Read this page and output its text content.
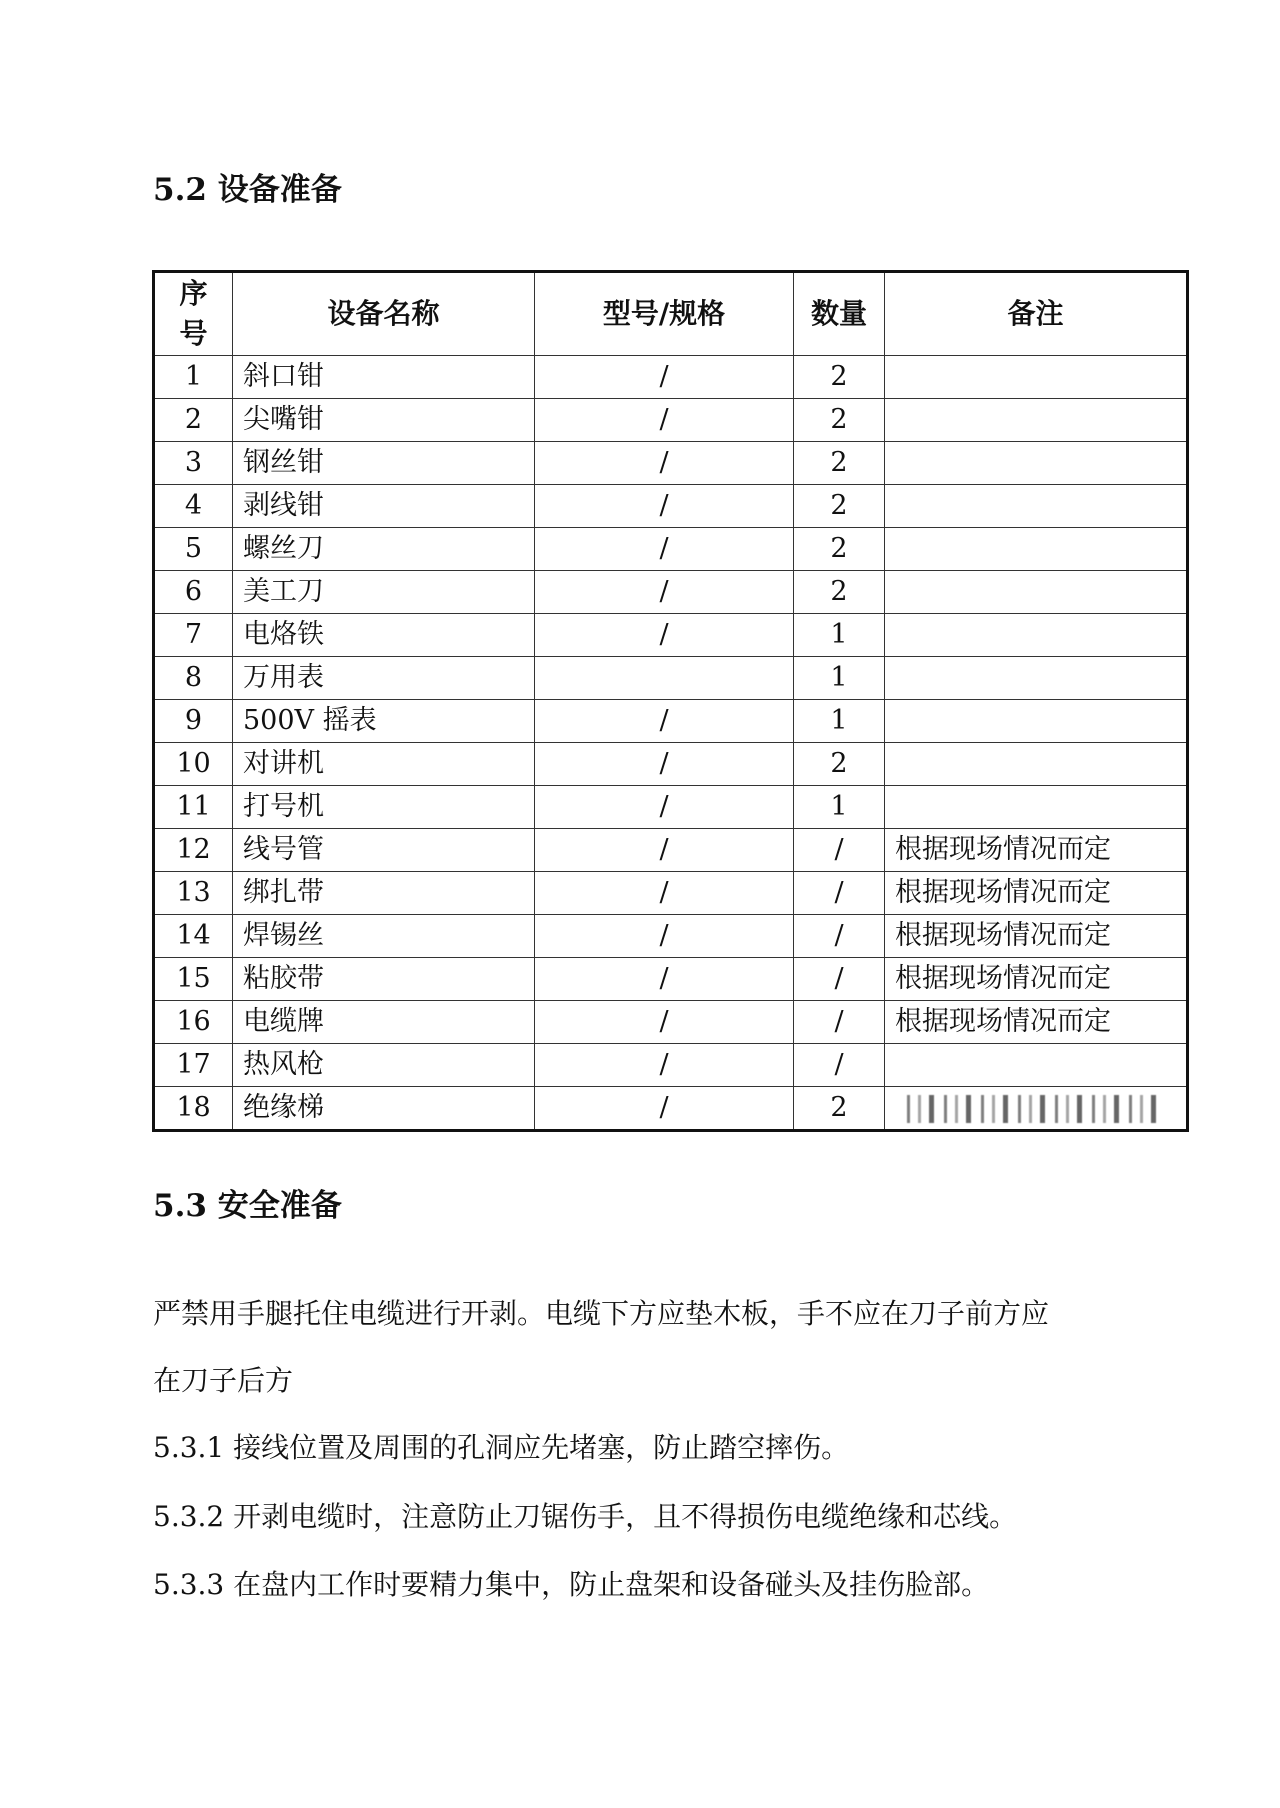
5.2 设备准备
序
号	设备名称	型号/规格	数量	备注
1	斜口钳	/	2	
2	尖嘴钳	/	2	
3	钢丝钳	/	2	
4	剥线钳	/	2	
5	螺丝刀	/	2	
6	美工刀	/	2	
7	电烙铁	/	1	
8	万用表		1	
9	500V 摇表	/	1	
10	对讲机	/	2	
11	打号机	/	1	
12	线号管	/	/	根据现场情况而定
13	绑扎带	/	/	根据现场情况而定
14	焊锡丝	/	/	根据现场情况而定
15	粘胶带	/	/	根据现场情况而定
16	电缆牌	/	/	根据现场情况而定
17	热风枪	/	/	
18	绝缘梯	/	2	
5.3 安全准备

严禁用手腿托住电缆进行开剥。电缆下方应垫木板，手不应在刀子前方应

在刀子后方

5.3.1 接线位置及周围的孔洞应先堵塞，防止踏空摔伤。

5.3.2 开剥电缆时，注意防止刀锯伤手，且不得损伤电缆绝缘和芯线。

5.3.3 在盘内工作时要精力集中，防止盘架和设备碰头及挂伤脸部。
